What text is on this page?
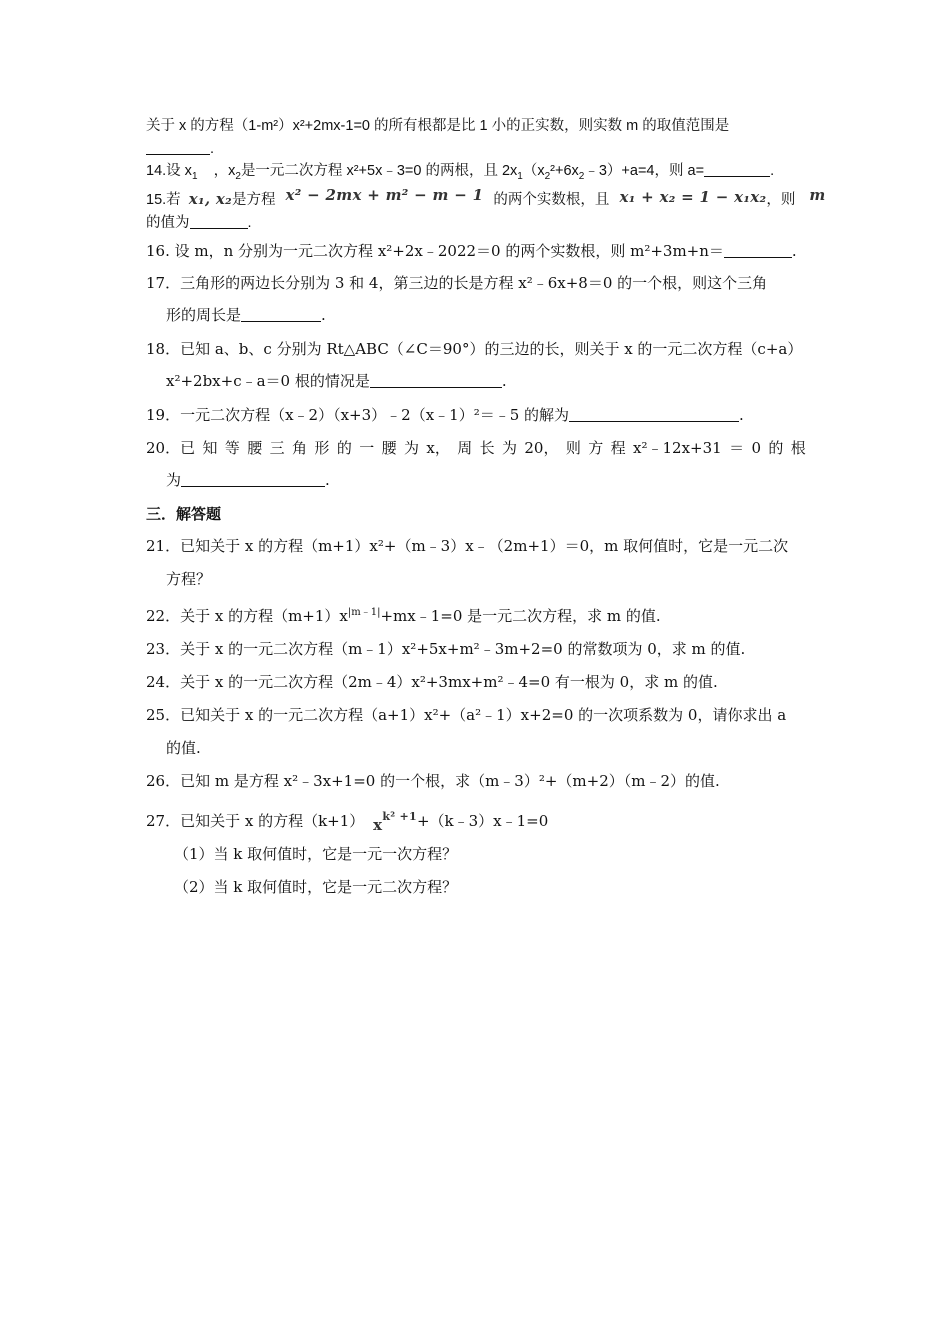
关于 x 的方程（1-m²）x²+2mx-1=0 的所有根都是比 1 小的正实数，则实数 m 的取值范围是
.
14.设 $x_1$ ，$x_2$是一元二次方程 x²+5x﹣3=0 的两根，且 $2x_1(x_2^2+6x_2﹣3)+a=4$，则 a=	.
15.若 x₁, x₂是方程 x² − 2mx + m² − m − 1 的两个实数根，且 x₁ + x₂ = 1 − x₁x₂，则 m
的值为	.
16. 设 m，n 分别为一元二次方程 x²+2x﹣2022＝0 的两个实数根，则 m²+3m+n＝	.
17．三角形的两边长分别为 3 和 4，第三边的长是方程 x²﹣6x+8＝0 的一个根，则这个三角
形的周长是	.
18．已知 a、b、c 分别为 Rt△ABC（∠C＝90°）的三边的长，则关于 x 的一元二次方程（c+a）
x²+2bx+c﹣a＝0 根的情况是	.
19．一元二次方程（x﹣2）（x+3）﹣2（x﹣1）²＝﹣5 的解为	.
20．已 知 等 腰 三 角 形 的 一 腰 为 x， 周 长 为 20， 则 方 程 x²﹣12x+31 ＝ 0 的 根
为	.
三．解答题
21．已知关于 x 的方程（m+1）x²+（m﹣3）x﹣（2m+1）＝0，m 取何值时，它是一元二次
方程？
22．关于 x 的方程$(m+1)x^{|m﹣1|}+mx﹣1=0$ 是一元二次方程，求 m 的值.
23．关于 x 的一元二次方程（m﹣1）x²+5x+m²﹣3m+2=0 的常数项为 0，求 m 的值.
24．关于 x 的一元二次方程（2m﹣4）x²+3mx+m²﹣4=0 有一根为 0，求 m 的值.
25．已知关于 x 的一元二次方程（a+1）x²+（a²﹣1）x+2=0 的一次项系数为 0，请你求出 a
的值.
26．已知 m 是方程 x²﹣3x+1=0 的一个根，求（m﹣3）²+（m+2）（m﹣2）的值.
27．已知关于 x 的方程（k+1） $x^{k^2 +1}+(k﹣3)x﹣1=0$
（1）当 k 取何值时，它是一元一次方程？
（2）当 k 取何值时，它是一元二次方程？
